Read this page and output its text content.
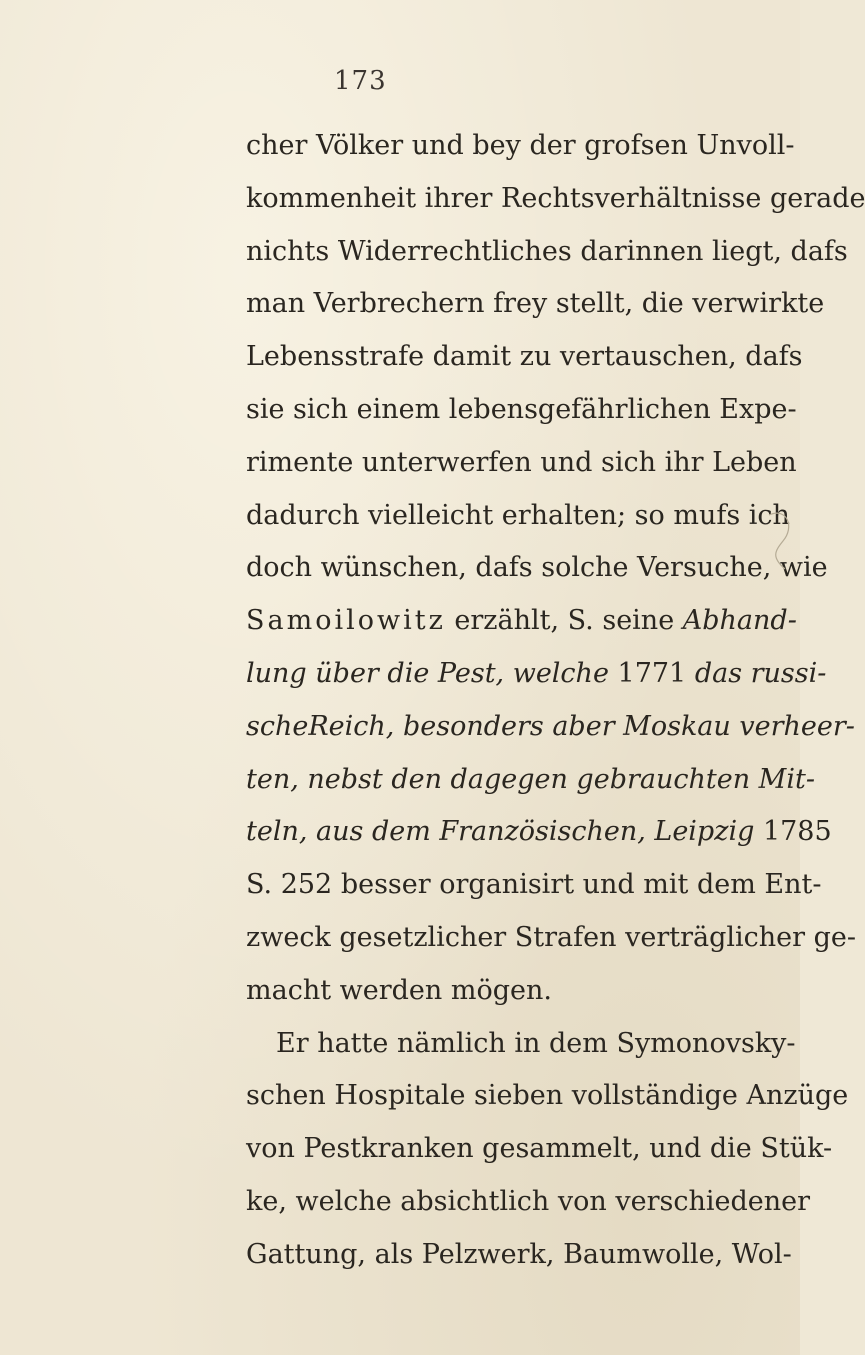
173
cher Völker und bey der grofsen Unvoll-
kommenheit ihrer Rechtsverhältnisse gerade
nichts Widerrechtliches darinnen liegt, dafs
man Verbrechern frey stellt, die verwirkte
Lebensstrafe damit zu vertauschen, dafs
sie sich einem lebensgefährlichen Expe-
rimente unterwerfen und sich ihr Leben
dadurch vielleicht erhalten; so mufs ich
doch wünschen, dafs solche Versuche, wie
Samoilowitz erzählt, S. seine Abhand-
lung über die Pest, welche 1771 das russi-
scheReich, besonders aber Moskau verheer-
ten, nebst den dagegen gebrauchten Mit-
teln, aus dem Französischen, Leipzig 1785
S. 252 besser organisirt und mit dem Ent-
zweck gesetzlicher Strafen verträglicher ge-
macht werden mögen.
Er hatte nämlich in dem Symonovsky-
schen Hospitale sieben vollständige Anzüge
von Pestkranken gesammelt, und die Stük-
ke, welche absichtlich von verschiedener
Gattung, als Pelzwerk, Baumwolle, Wol-
